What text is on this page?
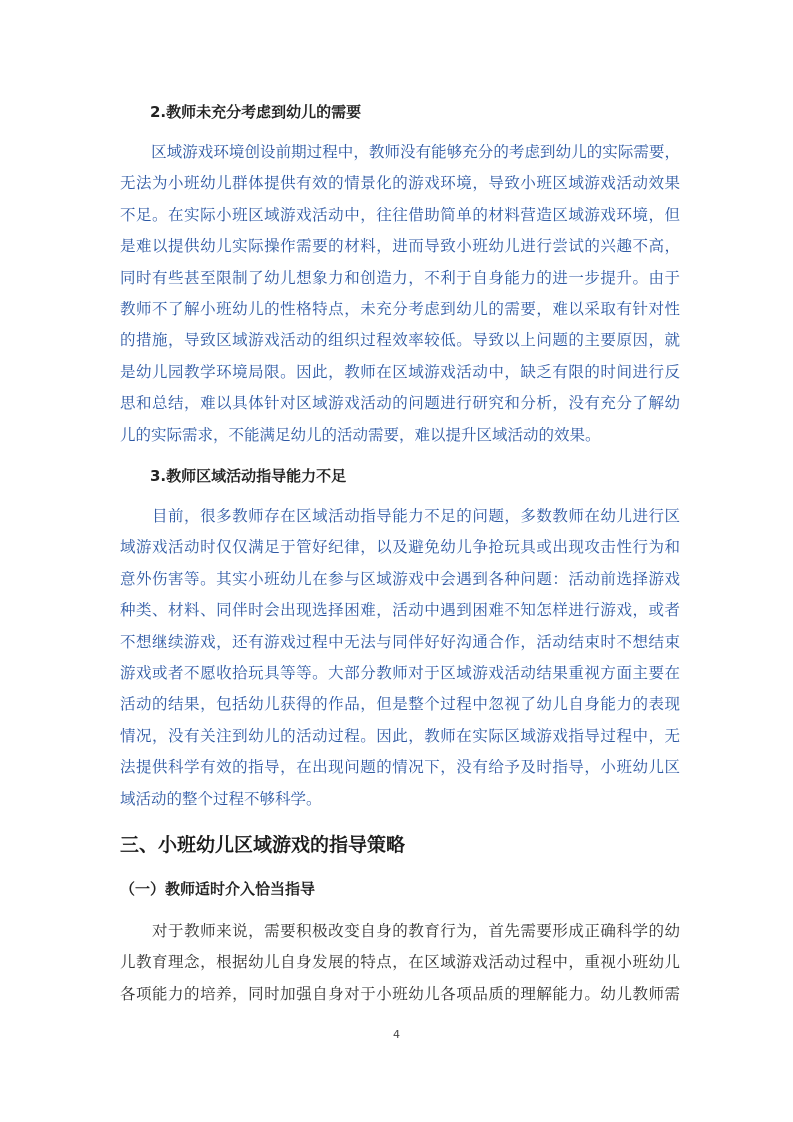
2.教师未充分考虑到幼儿的需要
　　区域游戏环境创设前期过程中，教师没有能够充分的考虑到幼儿的实际需要，
无法为小班幼儿群体提供有效的情景化的游戏环境，导致小班区域游戏活动效果
不足。在实际小班区域游戏活动中，往往借助简单的材料营造区域游戏环境，但
是难以提供幼儿实际操作需要的材料，进而导致小班幼儿进行尝试的兴趣不高，
同时有些甚至限制了幼儿想象力和创造力，不利于自身能力的进一步提升。由于
教师不了解小班幼儿的性格特点，未充分考虑到幼儿的需要，难以采取有针对性
的措施，导致区域游戏活动的组织过程效率较低。导致以上问题的主要原因，就
是幼儿园教学环境局限。因此，教师在区域游戏活动中，缺乏有限的时间进行反
思和总结，难以具体针对区域游戏活动的问题进行研究和分析，没有充分了解幼
儿的实际需求，不能满足幼儿的活动需要，难以提升区域活动的效果。
3.教师区域活动指导能力不足
　　目前，很多教师存在区域活动指导能力不足的问题，多数教师在幼儿进行区
域游戏活动时仅仅满足于管好纪律，以及避免幼儿争抢玩具或出现攻击性行为和
意外伤害等。其实小班幼儿在参与区域游戏中会遇到各种问题：活动前选择游戏
种类、材料、同伴时会出现选择困难，活动中遇到困难不知怎样进行游戏，或者
不想继续游戏，还有游戏过程中无法与同伴好好沟通合作，活动结束时不想结束
游戏或者不愿收拾玩具等等。大部分教师对于区域游戏活动结果重视方面主要在
活动的结果，包括幼儿获得的作品，但是整个过程中忽视了幼儿自身能力的表现
情况，没有关注到幼儿的活动过程。因此，教师在实际区域游戏指导过程中，无
法提供科学有效的指导，在出现问题的情况下，没有给予及时指导，小班幼儿区
域活动的整个过程不够科学。
三、小班幼儿区域游戏的指导策略
（一）教师适时介入恰当指导
　　对于教师来说，需要积极改变自身的教育行为，首先需要形成正确科学的幼
儿教育理念，根据幼儿自身发展的特点，在区域游戏活动过程中，重视小班幼儿
各项能力的培养，同时加强自身对于小班幼儿各项品质的理解能力。幼儿教师需
4
